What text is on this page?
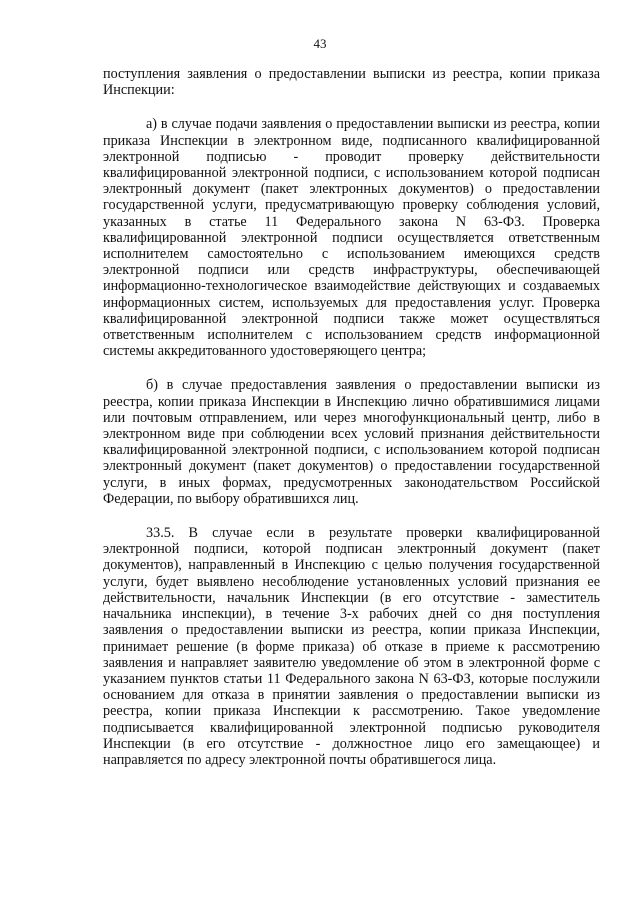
43

поступления заявления о предоставлении выписки из реестра, копии приказа Инспекции:

а) в случае подачи заявления о предоставлении выписки из реестра, копии приказа Инспекции в электронном виде, подписанного квалифицированной электронной подписью - проводит проверку действительности квалифицированной электронной подписи, с использованием которой подписан электронный документ (пакет электронных документов) о предоставлении государственной услуги, предусматривающую проверку соблюдения условий, указанных в статье 11 Федерального закона N 63-ФЗ. Проверка квалифицированной электронной подписи осуществляется ответственным исполнителем самостоятельно с использованием имеющихся средств электронной подписи или средств инфраструктуры, обеспечивающей информационно-технологическое взаимодействие действующих и создаваемых информационных систем, используемых для предоставления услуг. Проверка квалифицированной электронной подписи также может осуществляться ответственным исполнителем с использованием средств информационной системы аккредитованного удостоверяющего центра;

б) в случае предоставления заявления о предоставлении выписки из реестра, копии приказа Инспекции в Инспекцию лично обратившимися лицами или почтовым отправлением, или через многофункциональный центр, либо в электронном виде при соблюдении всех условий признания действительности квалифицированной электронной подписи, с использованием которой подписан электронный документ (пакет документов) о предоставлении государственной услуги, в иных формах, предусмотренных законодательством Российской Федерации, по выбору обратившихся лиц.

33.5. В случае если в результате проверки квалифицированной электронной подписи, которой подписан электронный документ (пакет документов), направленный в Инспекцию с целью получения государственной услуги, будет выявлено несоблюдение установленных условий признания ее действительности, начальник Инспекции (в его отсутствие - заместитель начальника инспекции), в течение 3-х рабочих дней со дня поступления заявления о предоставлении выписки из реестра, копии приказа Инспекции, принимает решение (в форме приказа) об отказе в приеме к рассмотрению заявления и направляет заявителю уведомление об этом в электронной форме с указанием пунктов статьи 11 Федерального закона N 63-ФЗ, которые послужили основанием для отказа в принятии заявления о предоставлении выписки из реестра, копии приказа Инспекции к рассмотрению. Такое уведомление подписывается квалифицированной электронной подписью руководителя Инспекции (в его отсутствие - должностное лицо его замещающее) и направляется по адресу электронной почты обратившегося лица.
